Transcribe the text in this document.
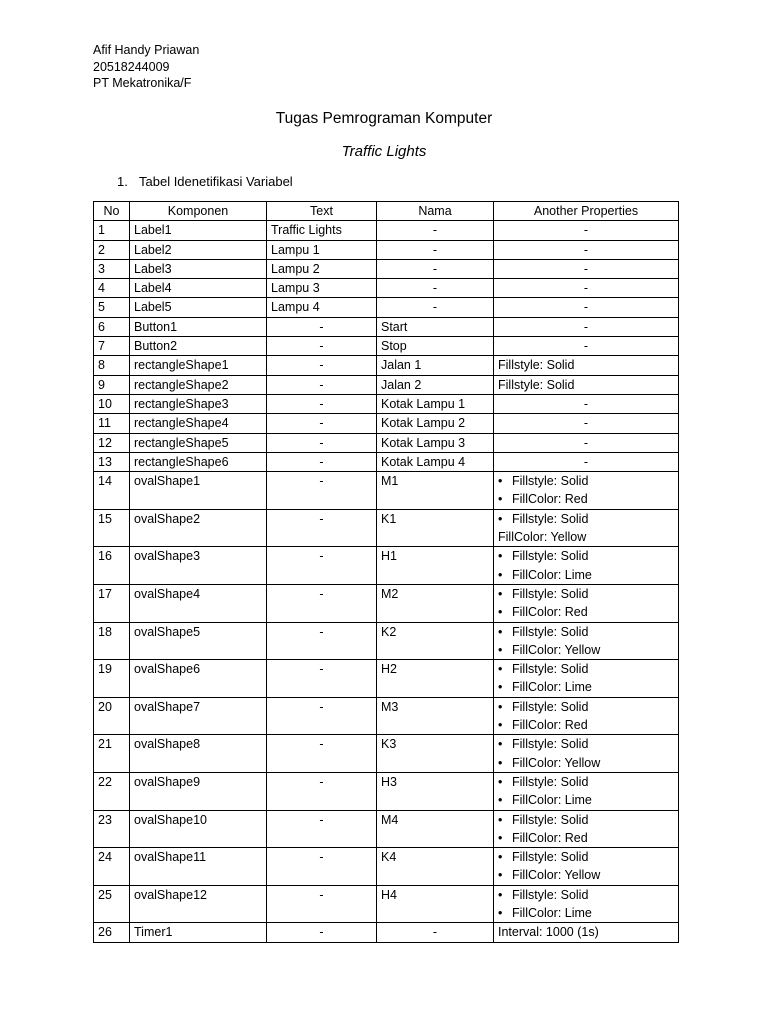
Afif Handy Priawan
20518244009
PT Mekatronika/F
Tugas Pemrograman Komputer
Traffic Lights
1. Tabel Idenetifikasi Variabel
No	Komponen	Text	Nama	Another Properties
1	Label1	Traffic Lights	-	-

2	Label2	Lampu 1	-	-

3	Label3	Lampu 2	-	-

4	Label4	Lampu 3	-	-

5	Label5	Lampu 4	-	-

6	Button1	-	Start	-

7	Button2	-	Stop	-

8	rectangleShape1	-	Jalan 1	Fillstyle: Solid

9	rectangleShape2	-	Jalan 2	Fillstyle: Solid

10	rectangleShape3	-	Kotak Lampu 1	-

11	rectangleShape4	-	Kotak Lampu 2	-

12	rectangleShape5	-	Kotak Lampu 3	-

13	rectangleShape6	-	Kotak Lampu 4	-

14	ovalShape1	-	M1	• Fillstyle: Solid
• FillColor: Red

15	ovalShape2	-	K1	• Fillstyle: Solid
FillColor: Yellow

16	ovalShape3	-	H1	• Fillstyle: Solid
• FillColor: Lime

17	ovalShape4	-	M2	• Fillstyle: Solid
• FillColor: Red

18	ovalShape5	-	K2	• Fillstyle: Solid
• FillColor: Yellow

19	ovalShape6	-	H2	• Fillstyle: Solid
• FillColor: Lime

20	ovalShape7	-	M3	• Fillstyle: Solid
• FillColor: Red

21	ovalShape8	-	K3	• Fillstyle: Solid
• FillColor: Yellow

22	ovalShape9	-	H3	• Fillstyle: Solid
• FillColor: Lime

23	ovalShape10	-	M4	• Fillstyle: Solid
• FillColor: Red

24	ovalShape11	-	K4	• Fillstyle: Solid
• FillColor: Yellow

25	ovalShape12	-	H4	• Fillstyle: Solid
• FillColor: Lime

26	Timer1	-	-	Interval: 1000 (1s)
